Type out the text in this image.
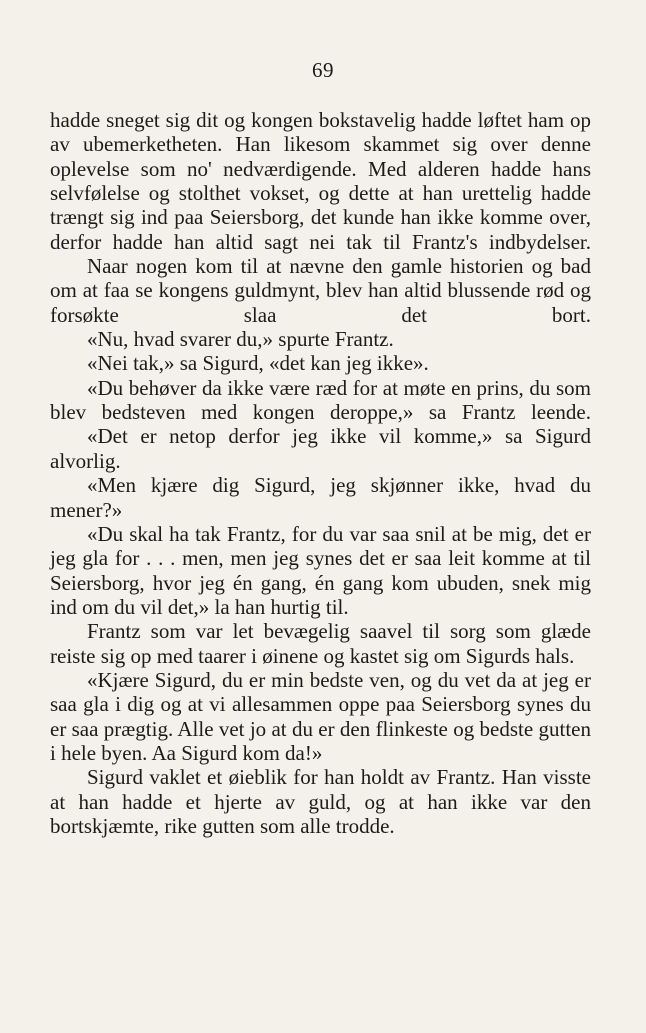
69

hadde sneget sig dit og kongen bokstavelig hadde løftet ham op av ubemerketheten. Han likesom skammet sig over denne oplevelse som no' nedværdigende. Med alderen hadde hans selvfølelse og stolthet vokset, og dette at han urettelig hadde trængt sig ind paa Seiersborg, det kunde han ikke komme over, derfor hadde han altid sagt nei tak til Frantz's indbydelser.

Naar nogen kom til at nævne den gamle historien og bad om at faa se kongens guldmynt, blev han altid blussende rød og forsøkte slaa det bort.

«Nu, hvad svarer du,» spurte Frantz.

«Nei tak,» sa Sigurd, «det kan jeg ikke».

«Du behøver da ikke være ræd for at møte en prins, du som blev bedsteven med kongen deroppe,» sa Frantz leende.

«Det er netop derfor jeg ikke vil komme,» sa Sigurd alvorlig.

«Men kjære dig Sigurd, jeg skjønner ikke, hvad du mener?»

«Du skal ha tak Frantz, for du var saa snil at be mig, det er jeg gla for . . . men, men jeg synes det er saa leit komme at til Seiersborg, hvor jeg én gang, én gang kom ubuden, snek mig ind om du vil det,» la han hurtig til.

Frantz som var let bevægelig saavel til sorg som glæde reiste sig op med taarer i øinene og kastet sig om Sigurds hals.

«Kjære Sigurd, du er min bedste ven, og du vet da at jeg er saa gla i dig og at vi allesammen oppe paa Seiersborg synes du er saa prægtig. Alle vet jo at du er den flinkeste og bedste gutten i hele byen. Aa Sigurd kom da!»

Sigurd vaklet et øieblik for han holdt av Frantz. Han visste at han hadde et hjerte av guld, og at han ikke var den bortskjæmte, rike gutten som alle trodde.
